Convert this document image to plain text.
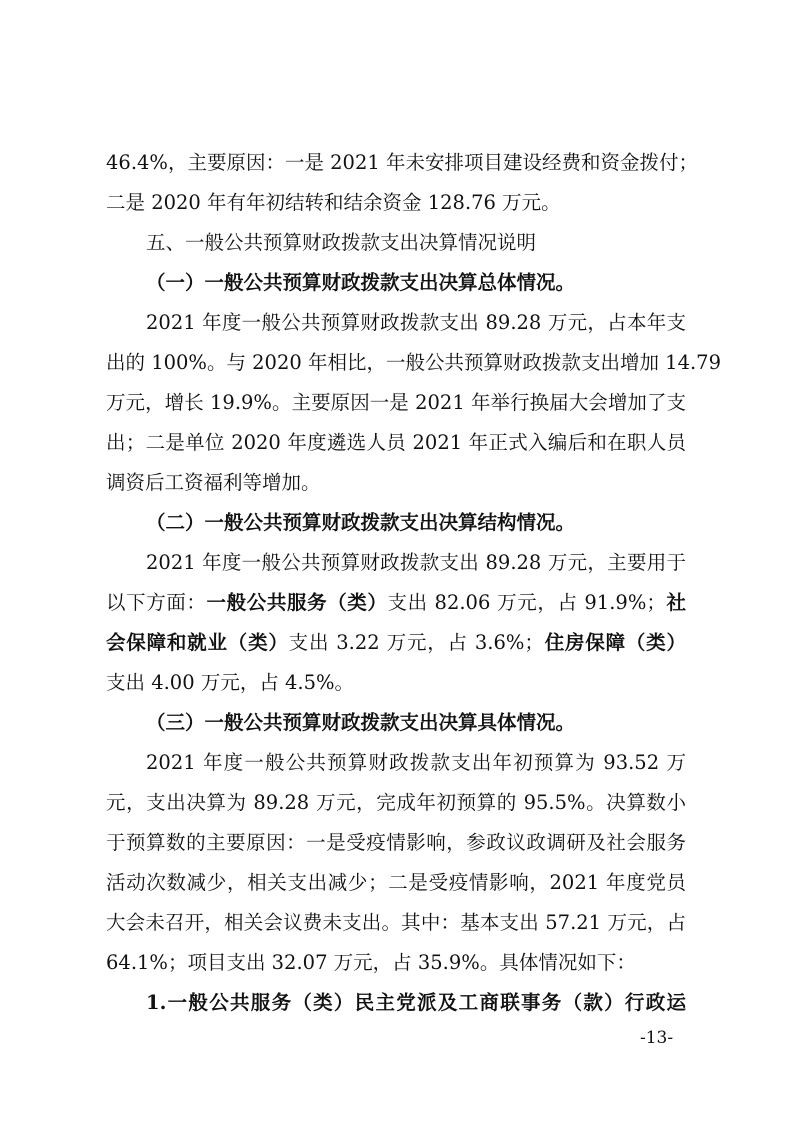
46.4%，主要原因：一是 2021 年未安排项目建设经费和资金拨付；
二是 2020 年有年初结转和结余资金 128.76 万元。
五、一般公共预算财政拨款支出决算情况说明
（一）一般公共预算财政拨款支出决算总体情况。
2021 年度一般公共预算财政拨款支出 89.28 万元，占本年支
出的 100%。与 2020 年相比，一般公共预算财政拨款支出增加 14.79
万元，增长 19.9%。主要原因一是 2021 年举行换届大会增加了支
出；二是单位 2020 年度遴选人员 2021 年正式入编后和在职人员
调资后工资福利等增加。
（二）一般公共预算财政拨款支出决算结构情况。
2021 年度一般公共预算财政拨款支出 89.28 万元，主要用于
以下方面：一般公共服务（类）支出 82.06 万元，占 91.9%；社
会保障和就业（类）支出 3.22 万元，占 3.6%；住房保障（类）
支出 4.00 万元，占 4.5%。
（三）一般公共预算财政拨款支出决算具体情况。
2021 年度一般公共预算财政拨款支出年初预算为 93.52 万
元，支出决算为 89.28 万元，完成年初预算的 95.5%。决算数小
于预算数的主要原因：一是受疫情影响，参政议政调研及社会服务
活动次数减少，相关支出减少；二是受疫情影响，2021 年度党员
大会未召开，相关会议费未支出。其中：基本支出 57.21 万元，占
64.1%；项目支出 32.07 万元，占 35.9%。具体情况如下：
1.一般公共服务（类）民主党派及工商联事务（款）行政运
-13-
